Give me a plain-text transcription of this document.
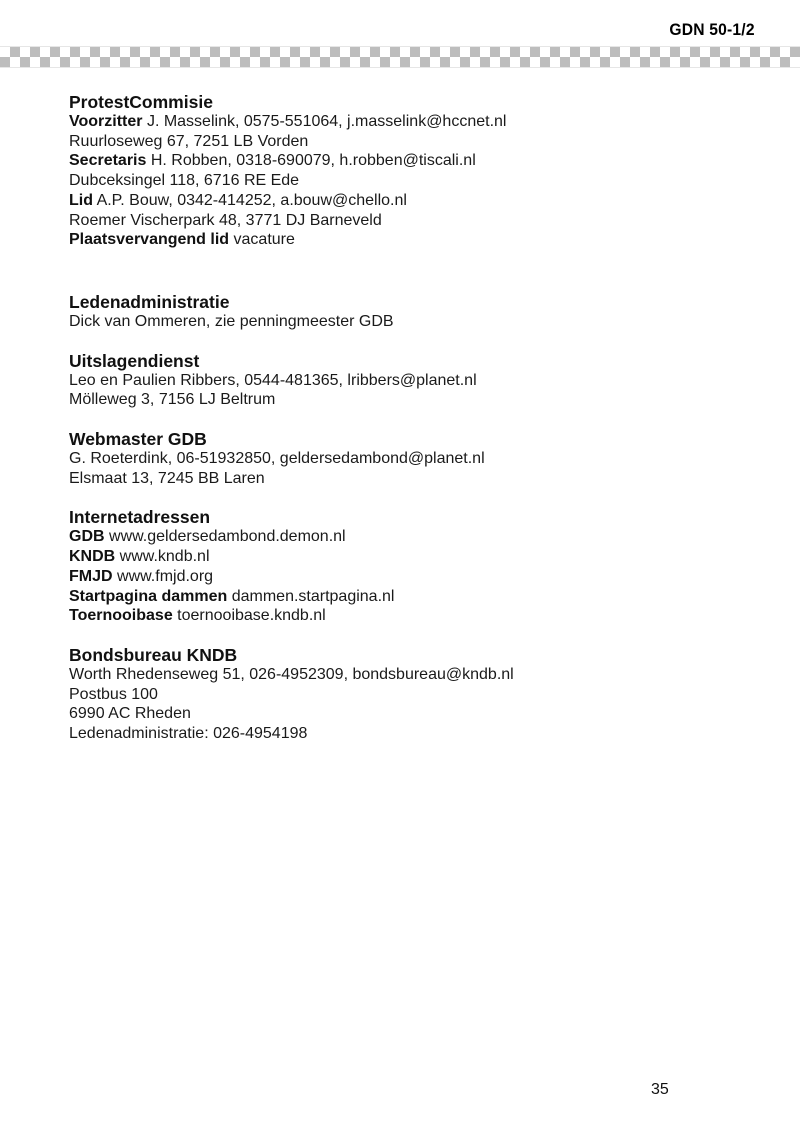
GDN 50-1/2

ProtestCommisie

Voorzitter J. Masselink, 0575-551064, j.masselink@hccnet.nl

Ruurloseweg 67, 7251 LB Vorden

Secretaris H. Robben, 0318-690079, h.robben@tiscali.nl

Dubceksingel 118, 6716 RE Ede

Lid A.P. Bouw, 0342-414252, a.bouw@chello.nl

Roemer Vischerpark 48, 3771 DJ Barneveld

Plaatsvervangend lid vacature

Ledenadministratie

Dick van Ommeren, zie penningmeester GDB

Uitslagendienst

Leo en Paulien Ribbers, 0544-481365, lribbers@planet.nl

Mölleweg 3, 7156 LJ Beltrum

Webmaster GDB

G. Roeterdink, 06-51932850, geldersedambond@planet.nl

Elsmaat 13, 7245 BB Laren

Internetadressen

GDB www.geldersedambond.demon.nl

KNDB www.kndb.nl

FMJD www.fmjd.org

Startpagina dammen dammen.startpagina.nl

Toernooibase toernooibase.kndb.nl

Bondsbureau KNDB

Worth Rhedenseweg 51, 026-4952309, bondsbureau@kndb.nl

Postbus 100

6990 AC Rheden

Ledenadministratie: 026-4954198

35
